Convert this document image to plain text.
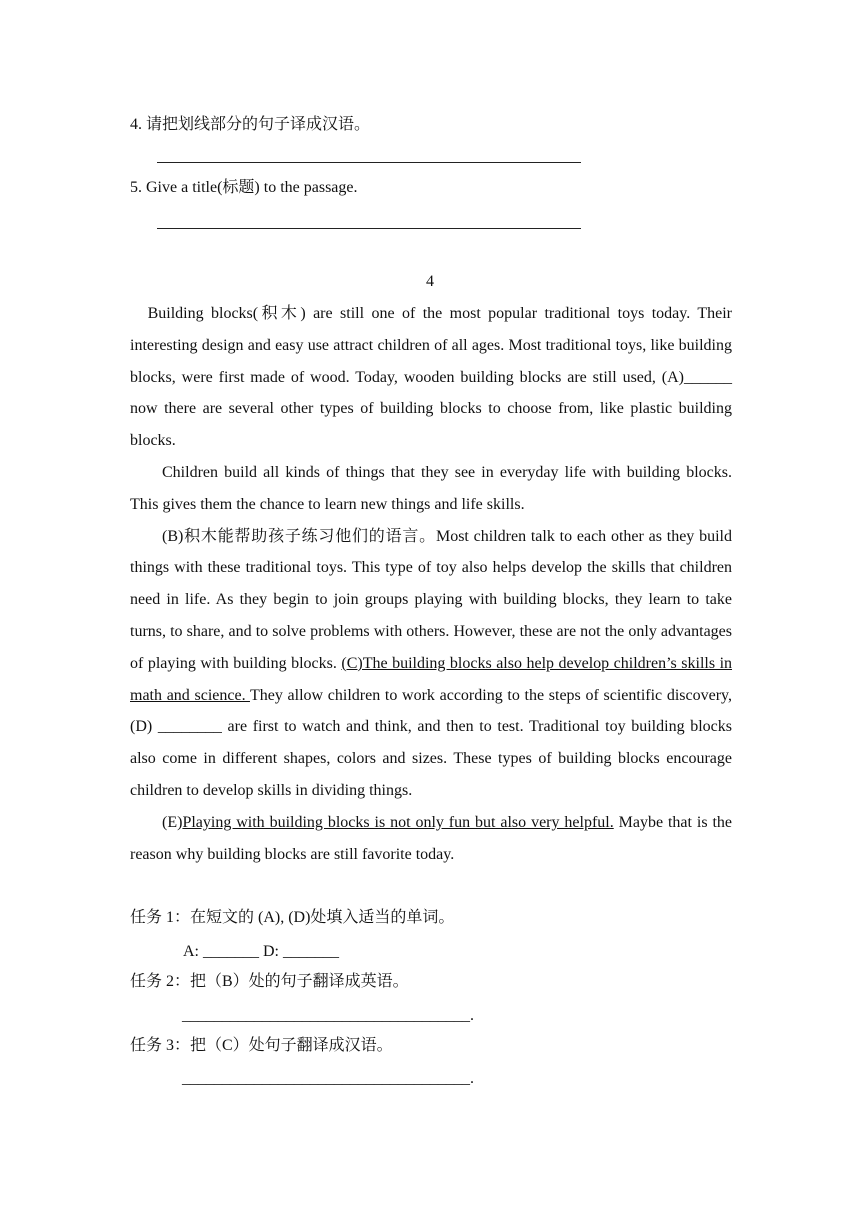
4. 请把划线部分的句子译成汉语。
5. Give a title(标题) to the passage.
4

Building blocks(积木) are still one of the most popular traditional toys today. Their interesting design and easy use attract children of all ages. Most traditional toys, like building blocks, were first made of wood. Today, wooden building blocks are still used, (A)______ now there are several other types of building blocks to choose from, like plastic building blocks.

Children build all kinds of things that they see in everyday life with building blocks. This gives them the chance to learn new things and life skills.

(B)积木能帮助孩子练习他们的语言。Most children talk to each other as they build things with these traditional toys. This type of toy also helps develop the skills that children need in life. As they begin to join groups playing with building blocks, they learn to take turns, to share, and to solve problems with others. However, these are not the only advantages of playing with building blocks. (C)The building blocks also help develop children’s skills in math and science. They allow children to work according to the steps of scientific discovery, (D) ________ are first to watch and think, and then to test. Traditional toy building blocks also come in different shapes, colors and sizes. These types of building blocks encourage children to develop skills in dividing things.

(E)Playing with building blocks is not only fun but also very helpful. Maybe that is the reason why building blocks are still favorite today.

任务 1：在短文的 (A), (D)处填入适当的单词。
A: _______ D: _______
任务 2：把（B）处的句子翻译成英语。
____________________________________.
任务 3：把（C）处句子翻译成汉语。
____________________________________.
